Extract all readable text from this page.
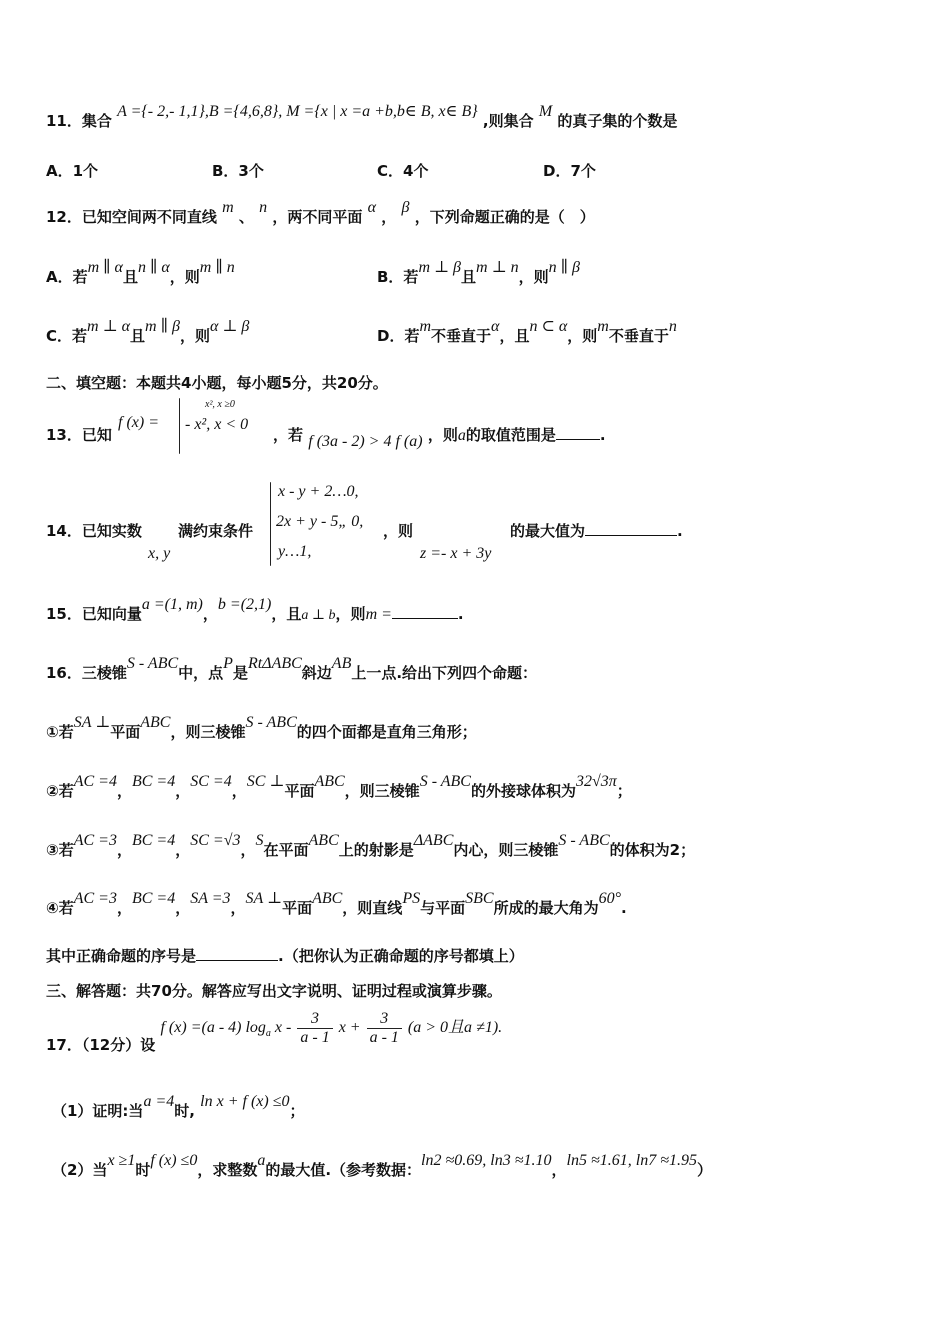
11．集合 A ={- 2,- 1,1},B ={4,6,8}, M ={x | x =a +b,b∈ B, x∈ B} ,则集合 M 的真子集的个数是
A．1个	B．3个	C．4个	D．7个
12．已知空间两不同直线 m 、 n ，两不同平面 α ， β ，下列命题正确的是（　）
A．若m ∥ α且n ∥ α，则m ∥ n
B．若m ⊥ β且m ⊥ n，则n ∥ β
C．若m ⊥ α且m ∥ β，则α ⊥ β
D．若m不垂直于α，且n ⊂ α，则m不垂直于n
二、填空题：本题共4小题，每小题5分，共20分。
13．已知
f (x) =
x², x ≥0
- x², x < 0
，若 f (3a - 2) > 4 f (a) ，则a的取值范围是	.
14．已知实数
x, y
满约束条件
x - y + 2…0,
2x + y - 5„ 0,
y…1,
，则
z =- x + 3y
的最大值为	.
15．已知向量a =(1, m)，b =(2,1)，且a ⊥ b，则m =	.
16．三棱锥S - ABC中，点P是RtΔABC斜边AB上一点.给出下列四个命题：
①若SA ⊥平面ABC，则三棱锥S - ABC的四个面都是直角三角形；
②若AC =4，BC =4，SC =4，SC ⊥平面ABC，则三棱锥S - ABC的外接球体积为32√3π；
③若AC =3，BC =4，SC =√3，S在平面ABC上的射影是ΔABC内心，则三棱锥S - ABC的体积为2；
④若AC =3，BC =4，SA =3，SA ⊥平面ABC，则直线PS与平面SBC所成的最大角为60°.
其中正确命题的序号是	.（把你认为正确命题的序号都填上）
三、解答题：共70分。解答应写出文字说明、证明过程或演算步骤。
17．（12分）设 f (x) =(a - 4) $\log_a x - \frac{3}{a - 1}$ $x + \frac{3}{a - 1} (a > 0$且a ≠1).
（1）证明:当a =4时, ln x + f (x) ≤0；
（2）当x ≥1时f (x) ≤0，求整数a的最大值.（参考数据：ln2 ≈0.69, ln3 ≈1.10，ln5 ≈1.61, ln7 ≈1.95）
